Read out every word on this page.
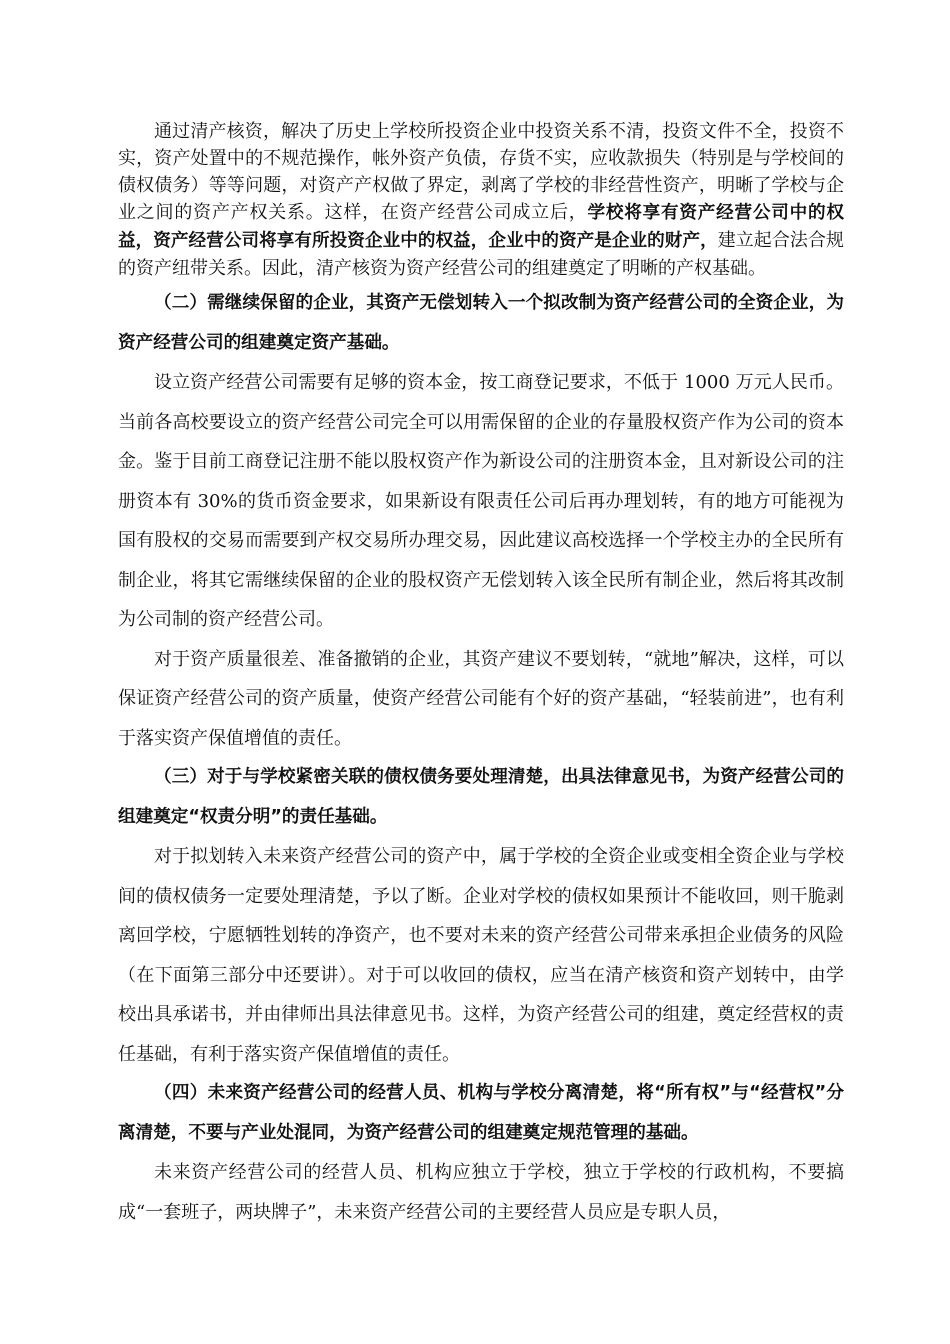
通过清产核资，解决了历史上学校所投资企业中投资关系不清，投资文件不全，投资不实，资产处置中的不规范操作，帐外资产负债，存货不实，应收款损失（特别是与学校间的债权债务）等等问题，对资产产权做了界定，剥离了学校的非经营性资产，明晰了学校与企业之间的资产产权关系。这样，在资产经营公司成立后，学校将享有资产经营公司中的权益，资产经营公司将享有所投资企业中的权益，企业中的资产是企业的财产，建立起合法合规的资产纽带关系。因此，清产核资为资产经营公司的组建奠定了明晰的产权基础。

（二）需继续保留的企业，其资产无偿划转入一个拟改制为资产经营公司的全资企业，为资产经营公司的组建奠定资产基础。

设立资产经营公司需要有足够的资本金，按工商登记要求，不低于 1000 万元人民币。当前各高校要设立的资产经营公司完全可以用需保留的企业的存量股权资产作为公司的资本金。鉴于目前工商登记注册不能以股权资产作为新设公司的注册资本金，且对新设公司的注册资本有 30%的货币资金要求，如果新设有限责任公司后再办理划转，有的地方可能视为国有股权的交易而需要到产权交易所办理交易，因此建议高校选择一个学校主办的全民所有制企业，将其它需继续保留的企业的股权资产无偿划转入该全民所有制企业，然后将其改制为公司制的资产经营公司。

对于资产质量很差、准备撤销的企业，其资产建议不要划转，“就地”解决，这样，可以保证资产经营公司的资产质量，使资产经营公司能有个好的资产基础，“轻装前进”，也有利于落实资产保值增值的责任。

（三）对于与学校紧密关联的债权债务要处理清楚，出具法律意见书，为资产经营公司的组建奠定“权责分明”的责任基础。

对于拟划转入未来资产经营公司的资产中，属于学校的全资企业或变相全资企业与学校间的债权债务一定要处理清楚，予以了断。企业对学校的债权如果预计不能收回，则干脆剥离回学校，宁愿牺牲划转的净资产，也不要对未来的资产经营公司带来承担企业债务的风险（在下面第三部分中还要讲）。对于可以收回的债权，应当在清产核资和资产划转中，由学校出具承诺书，并由律师出具法律意见书。这样，为资产经营公司的组建，奠定经营权的责任基础，有利于落实资产保值增值的责任。

（四）未来资产经营公司的经营人员、机构与学校分离清楚，将“所有权”与“经营权”分离清楚，不要与产业处混同，为资产经营公司的组建奠定规范管理的基础。

未来资产经营公司的经营人员、机构应独立于学校，独立于学校的行政机构，不要搞成“一套班子，两块牌子”，未来资产经营公司的主要经营人员应是专职人员，
